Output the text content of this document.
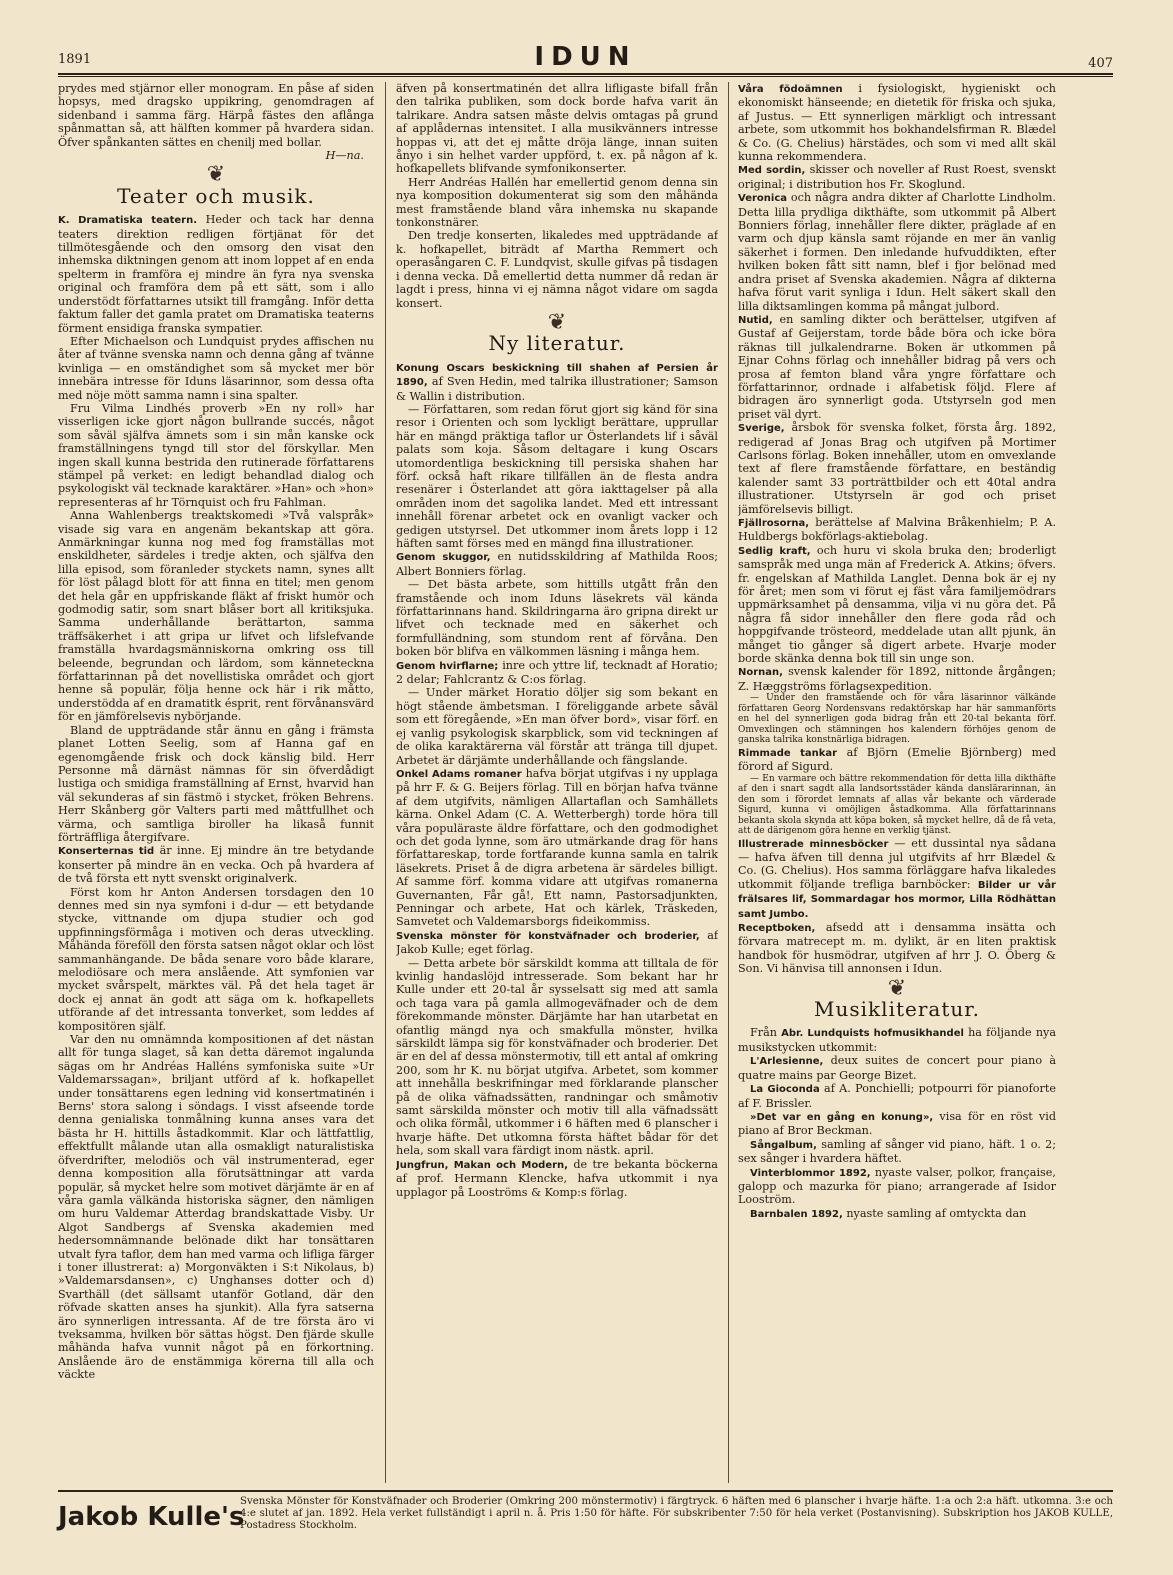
1891	IDUN	407

prydes med stjärnor eller monogram. En påse af siden hopsys, med dragsko uppikring, genomdragen af sidenband i samma färg. Härpå fästes den aflånga spånmattan så, att hälften kommer på hvardera sidan. Öfver spånkanten sättes en chenilj med bollar.

H—na.
❦
Teater och musik.

K. Dramatiska teatern. Heder och tack har denna teaters direktion redligen förtjänat för det tillmötesgående och den omsorg den visat den inhemska diktningen genom att inom loppet af en enda spelterm in framföra ej mindre än fyra nya svenska original och framföra dem på ett sätt, som i allo understödt författarnes utsikt till framgång. Inför detta faktum faller det gamla pratet om Dramatiska teaterns förment ensidiga franska sympatier.

Efter Michaelson och Lundquist prydes affischen nu åter af tvänne svenska namn och denna gång af tvänne kvinliga — en omständighet som så mycket mer bör innebära intresse för Iduns läsarinnor, som dessa ofta med nöje mött samma namn i sina spalter.

Fru Vilma Lindhés proverb »En ny roll» har visserligen icke gjort någon bullrande succés, något som såväl själfva ämnets som i sin mån kanske ock framställningens tyngd till stor del förskyllar. Men ingen skall kunna bestrida den rutinerade författarens stämpel på verket: en ledigt behandlad dialog och psykologiskt väl tecknade karaktärer. »Han» och »hon» representeras af hr Törnquist och fru Fahlman.

Anna Wahlenbergs treaktskomedi »Två valspråk» visade sig vara en angenäm bekantskap att göra. Anmärkningar kunna nog med fog framställas mot enskildheter, särdeles i tredje akten, och själfva den lilla episod, som föranleder styckets namn, synes allt för löst pålagd blott för att finna en titel; men genom det hela går en uppfriskande fläkt af friskt humör och godmodig satir, som snart blåser bort all kritiksjuka. Samma underhållande berättarton, samma träffsäkerhet i att gripa ur lifvet och lifslefvande framställa hvardagsmänniskorna omkring oss till beleende, begrundan och lärdom, som kännetecknа författarinnan på det novellistiska området och gjort henne så populär, följa henne ock här i rik måtto, understödda af en dramatitk ésprit, rent förvånansvärd för en jämförelsevis nybörjande.

Bland de uppträdande står ännu en gång i främsta planet Lotten Seelig, som af Hanna gaf en egenomgående frisk och dock känslig bild. Herr Personne må därnäst nämnas för sin öfverdådigt lustiga och smidiga framställning af Ernst, hvarvid han väl sekunderas af sin fästmö i stycket, fröken Behrens. Herr Skånberg gör Valters parti med måttfullhet och värma, och samtliga birollеr ha likaså funnit förträffliga återgifvare.

Konserternas tid är inne. Ej mindre än tre betydande konserter på mindre än en vecka. Och på hvardera af de två första ett nytt svenskt originalverk.

Först kom hr Anton Andersen torsdagen den 10 dennes med sin nya symfoni i d-dur — ett betydande stycke, vittnande om djupa studier och god uppfinningsförmåga i motiven och deras utveckling. Måhända föreföll den första satsen något oklar och löst sammanhängande. De båda senare voro både klarare, melodiösare och mera anslående. Att symfonien var mycket svårspelt, märktes väl. På det hela taget är dock ej annat än godt att säga om k. hofkapellets utförande af det intressanta tonverket, som leddes af kompositören själf.

Var den nu omnämnda kompositionen af det nästan allt för tunga slaget, så kan detta däremot ingalunda sägas om hr Andréas Halléns symfoniska suite »Ur Valdemarssagan», briljant utförd af k. hofkapellet under tonsättarens egen ledning vid konsertmatinén i Berns' stora salong i söndags. I visst afseende torde denna genialiska tonmålning kunna anses vara det bästa hr H. hittills åstadkommit. Klar och lättfattlig, effektfullt målande utan alla osmakligt naturalistiska öfverdrifter, melodiös och väl instrumenterad, eger denna komposition alla förutsättningar att varda populär, så mycket helre som motivet därjämte är en af våra gamla välkända historiska sägner, den nämligen om huru Valdemar Atterdag brandskattade Visby. Ur Algot Sandbergs af Svenska akademien med hedersomnämnande belönade dikt har tonsättaren utvalt fyra taflor, dem han med varma och lifliga färger i toner illustrerat: a) Morgonväkten i S:t Nikolaus, b) »Valdemarsdansen», c) Unghanses dotter och d) Svarthäll (det sällsamt utanför Gotland, där den röfvade skatten anses ha sjunkit). Alla fyra satserna äro synnerligen intressanta. Af de tre första äro vi tveksamma, hvilken bör sättas högst. Den fjärde skulle måhända hafva vunnit något på en förkortning. Anslående äro de enstämmiga körerna till alla och väckte

äfven på konsertmatinén det allra lifligaste bifall från den talrika publiken, som dock borde hafva varit än talrikare. Andra satsen måste delvis omtagas på grund af applådernas intensitet. I alla musikvänners intresse hoppas vi, att det ej måtte dröja länge, innan suiten ånyo i sin helhet varder uppförd, t. ex. på någon af k. hofkapellets blifvande symfonikonserter.

Herr Andréas Hallén har emellertid genom denna sin nya komposition dokumenterat sig som den måhända mest framstående bland våra inhemska nu skapande tonkonstnärer.

Den tredje konserten, likaledes med uppträdande af k. hofkapellet, biträdt af Martha Remmert och operasångaren C. F. Lundqvist, skulle gifvas på tisdagen i denna vecka. Då emellertid detta nummer då redan är lagdt i press, hinna vi ej nämna något vidare om sagda konsert.

❦
Ny literatur.

Konung Oscars beskickning till shahen af Persien år 1890, af Sven Hedin, med talrika illustrationer; Samson & Wallin i distribution.

— Författaren, som redan förut gjort sig känd för sina resor i Orienten och som lyckligt berättare, upprullar här en mängd präktiga taflor ur Österlandets lif i såväl palats som koja. Såsom deltagare i kung Oscars utomordentliga beskickning till persiska shahen har förf. också haft rikare tillfällen än de flesta andra resenärer i Österlandet att göra iakttagelser på alla områden inom det sagolika landet. Med ett intressant innehåll förenar arbetet ock en ovanligt vacker och gedigen utstyrsel. Det utkommer inom årets lopp i 12 häften samt förses med en mängd fina illustrationer.

Genom skuggor, en nutidsskildring af Mathilda Roos; Albert Bonniers förlag.

— Det bästa arbete, som hittills utgått från den framstående och inom Iduns läsekrets väl kända författarinnans hand. Skildringarna äro gripna direkt ur lifvet och tecknade med en säkerhet och formfulländning, som stundom rent af förvåna. Den boken bör blifva en välkommen läsning i många hem.

Genom hvirflarne; inre och yttre lif, tecknadt af Horatio; 2 delar; Fahlcrantz & C:os förlag.

— Under märket Horatio döljer sig som bekant en högt stående ämbetsman. I föreliggande arbete såväl som ett föregående, »En man öfver bord», visar förf. en ej vanlig psykologisk skarpblick, som vid teckningen af de olika karaktärerna väl förstår att tränga till djupet. Arbetet är därjämte underhållande och fängslande.

Onkel Adams romaner hafva börjat utgifvas i ny upplaga på hrr F. & G. Beijers förlag. Till en början hafva tvänne af dem utgifvits, nämligen Allartaflan och Samhällets kärna. Onkel Adam (C. A. Wetterbergh) torde höra till våra populäraste äldre författare, och den godmodighet och det goda lynne, som äro utmärkande drag för hans författareskap, torde fortfarande kunna samla en talrik läsekrets. Priset å de digra arbetena är särdeles billigt. Af samme förf. komma vidare att utgifvas romanerna Guvernanten, Får gå!, Ett namn, Pastorsadjunkten, Penningar och arbete, Hat och kärlek, Träskeden, Samvetet och Valdemarsborgs fideikommiss.

Svenska mönster för konstväfnader och broderier, af Jakob Kulle; eget förlag.

— Detta arbete bör särskildt komma att tilltala de för kvinlig handaslöjd intresserade. Som bekant har hr Kulle under ett 20-tal år sysselsatt sig med att samla och taga vara på gamla allmogeväfnader och de dem förekommande mönster. Därjämte har han utarbetat en ofantlig mängd nya och smakfulla mönster, hvilka särskildt lämpa sig för konstväfnader och broderier. Det är en del af dessa mönstermotiv, till ett antal af omkring 200, som hr K. nu börjat utgifva. Arbetet, som kommer att innehålla beskrifningar med förklarande planscher på de olika väfnadssätten, randningar och småmotiv samt särskilda mönster och motiv till alla väfnadssätt och olika förmål, utkommer i 6 häften med 6 planscher i hvarje häfte. Det utkomna första häftet bådar för det hela, som skall vara färdigt inom nästk. april.

Jungfrun, Makan och Modern, de tre bekanta böckerna af prof. Hermann Klencke, hafva utkommit i nya upplagor på Looströms & Komp:s förlag.

Våra födoämnen i fysiologiskt, hygieniskt och ekonomiskt hänseende; en dietetik för friska och sjuka, af Justus. — Ett synnerligen märkligt och intressant arbete, som utkommit hos bokhandelsfirman R. Blædel & Co. (G. Chelius) härstädes, och som vi med allt skäl kunna rekommendera.

Med sordin, skisser och noveller af Rust Roest, svenskt original; i distribution hos Fr. Skoglund.

Veronica och några andra dikter af Charlotte Lindholm. Detta lilla prydliga dikthäfte, som utkommit på Albert Bonniers förlag, innehåller flere dikter, präglade af en varm och djup känsla samt röjande en mer än vanlig säkerhet i formen. Den inledande hufvuddikten, efter hvilken boken fått sitt namn, blef i fjor belönad med andra priset af Svenska akademien. Några af dikterna hafva förut varit synliga i Idun. Helt säkert skall den lilla diktsamlingen komma på mångаt julbord.

Nutid, en samling dikter och berättelser, utgifven af Gustaf af Geijerstam, torde både böra och icke böra räknas till julkalendrarne. Boken är utkommen på Ejnar Cohns förlag och innehåller bidrag på vers och prosa af femton bland våra yngre författare och författarinnor, ordnade i alfabetisk följd. Flere af bidragen äro synnerligt goda. Utstyrseln god men priset väl dyrt.

Sverige, årsbok för svenska folket, första årg. 1892, redigerad af Jonas Brag och utgifven på Mortimer Carlsons förlag. Boken innehåller, utom en omvexlande text af flere framstående författare, en beständig kalender samt 33 porträttbilder och ett 40tal andra illustrationer. Utstyrseln är god och priset jämförelsevis billigt.

Fjällrosorna, berättelse af Malvina Bråkenhielm; P. A. Huldbergs bokförlags-aktiebolag.

Sedlig kraft, och huru vi skola bruka den; broderligt samspråk med unga män af Frederick A. Atkins; öfvers. fr. engelskan af Mathilda Langlet. Denna bok är ej ny för året; men som vi förut ej fäst våra familjemödrars uppmärksamhet på densamma, vilja vi nu göra det. På några få sidor innehåller den flere goda råd och hoppgifvande tröstеord, meddelade utan allt pjunk, än månget tio gånger så digert arbete. Hvarje moder borde skänka denna bok till sin unge son.

Nornan, svensk kalender för 1892, nittonde årgången; Z. Hæggströms förlagsexpedition.

— Under den framstående och för våra läsarinnor välkände författaren Georg Nordensvans redaktörskap har här sammanförts en hel del synnerligen goda bidrag från ett 20-tal bekanta förf. Omvexlingen och stämningen hos kalendern förhöjes genom de ganska talrika konstnärliga bidragen.

Rimmade tankar af Björn (Emelie Björnberg) med förord af Sigurd.

— En varmare och bättre rekommendation för detta lilla dikthäfte af den i snart sagdt alla landsortsstäder kända danslärarinnan, än den som i förordet lemnats af allas vår bekante och värderade Sigurd, kunna vi omöjligen åstadkomma. Alla författarinnans bekanta skola skynda att köpa boken, så mycket hellre, då de få veta, att de därigenom göra henne en verklig tjänst.

Illustrerade minnesböcker — ett dussintal nya sådana — hafva äfven till denna jul utgifvits af hrr Blædel & Co. (G. Chelius). Hos samma förläggare hafva likaledes utkommit följande trefliga barnböcker: Bilder ur vår frälsares lif, Sommardagar hos mormor, Lilla Rödhättan samt Jumbo.

Receptboken, afsedd att i densamma insätta och förvara matrecept m. m. dylikt, är en liten praktisk handbok för husmödrar, utgifven af hrr J. O. Öberg & Son. Vi hänvisa till annonsen i Idun.

❦
Musikliteratur.

Från Abr. Lundquists hofmusikhandel ha följande nya musikstycken utkommit:

L'Arlesienne, deux suites de concert pour piano à quatre mains par George Bizet.

La Gioconda af A. Ponchielli; potpourri för pianoforte af F. Brissler.

»Det var en gång en konung», visa för en röst vid piano af Bror Beckman.

Sångalbum, samling af sånger vid piano, häft. 1 o. 2; sex sånger i hvardera häftet.

Vinterblommor 1892, nyaste valser, polkor, française, galopp och mazurka för piano; arrangerade af Isidor Looström.

Barnbalen 1892, nyaste samling af omtyckta dan

Jakob Kulle's
Svenska Mönster för Konstväfnader och Broderier (Omkring 200 mönstermotiv) i färgtryck. 6 häften med 6 planscher i hvarje häfte. 1:a och 2:a häft. utkomna. 3:e och 4:e slutet af jan. 1892. Hela verket fullständigt i april n. å. Pris 1:50 för häfte. För subskribenter 7:50 för hela verket (Postanvisning). Subskription hos JAKOB KULLE, Postadress Stockholm.
